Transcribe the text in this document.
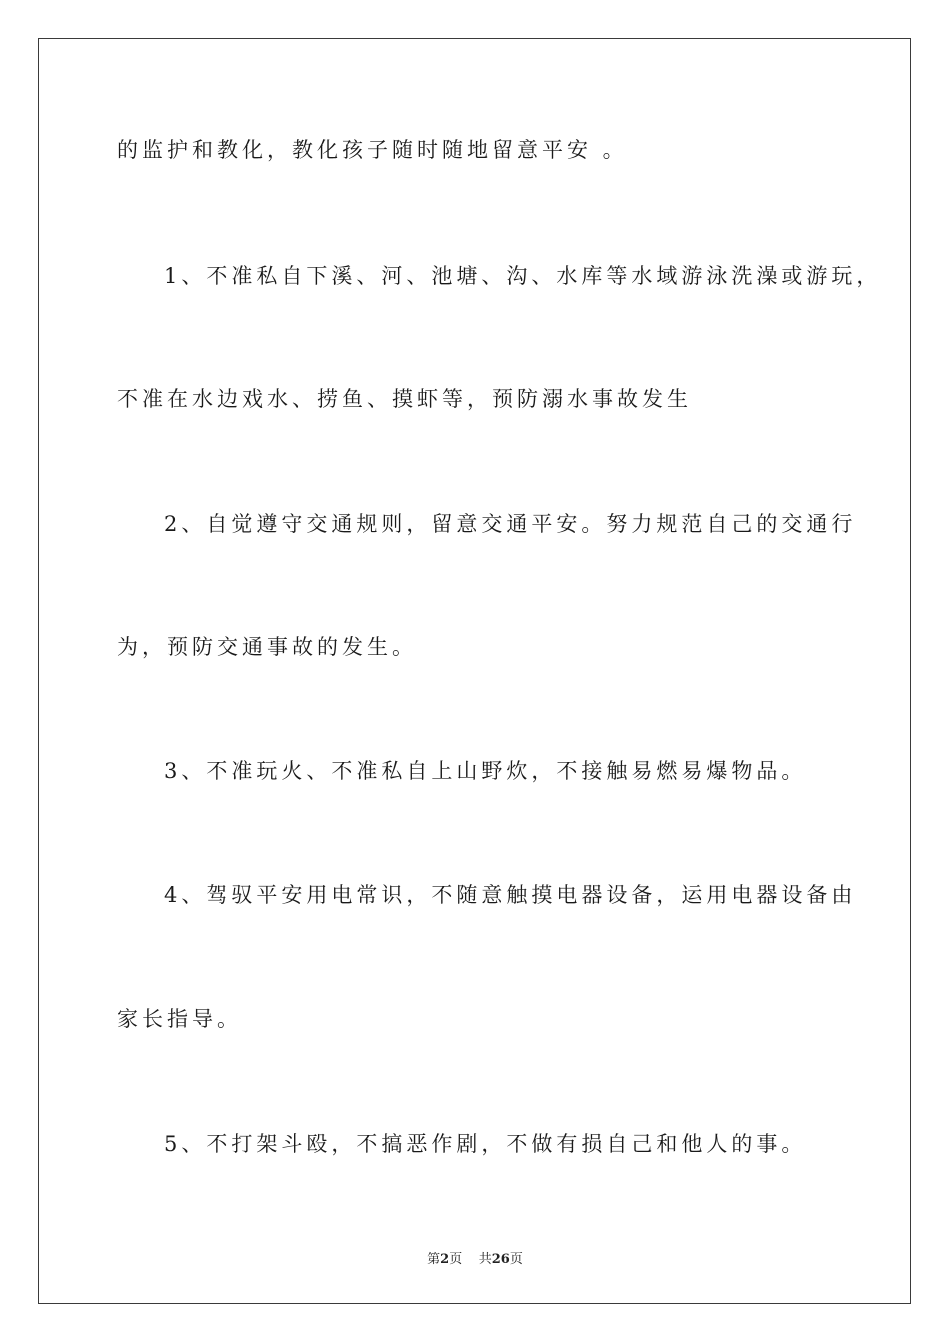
的监护和教化，教化孩子随时随地留意平安 。
1、不准私自下溪、河、池塘、沟、水库等水域游泳洗澡或游玩，
不准在水边戏水、捞鱼、摸虾等，预防溺水事故发生
2、自觉遵守交通规则，留意交通平安。努力规范自己的交通行
为，预防交通事故的发生。
3、不准玩火、不准私自上山野炊，不接触易燃易爆物品。
4、驾驭平安用电常识，不随意触摸电器设备，运用电器设备由
家长指导。
5、不打架斗殴，不搞恶作剧，不做有损自己和他人的事。
第2页 共26页
